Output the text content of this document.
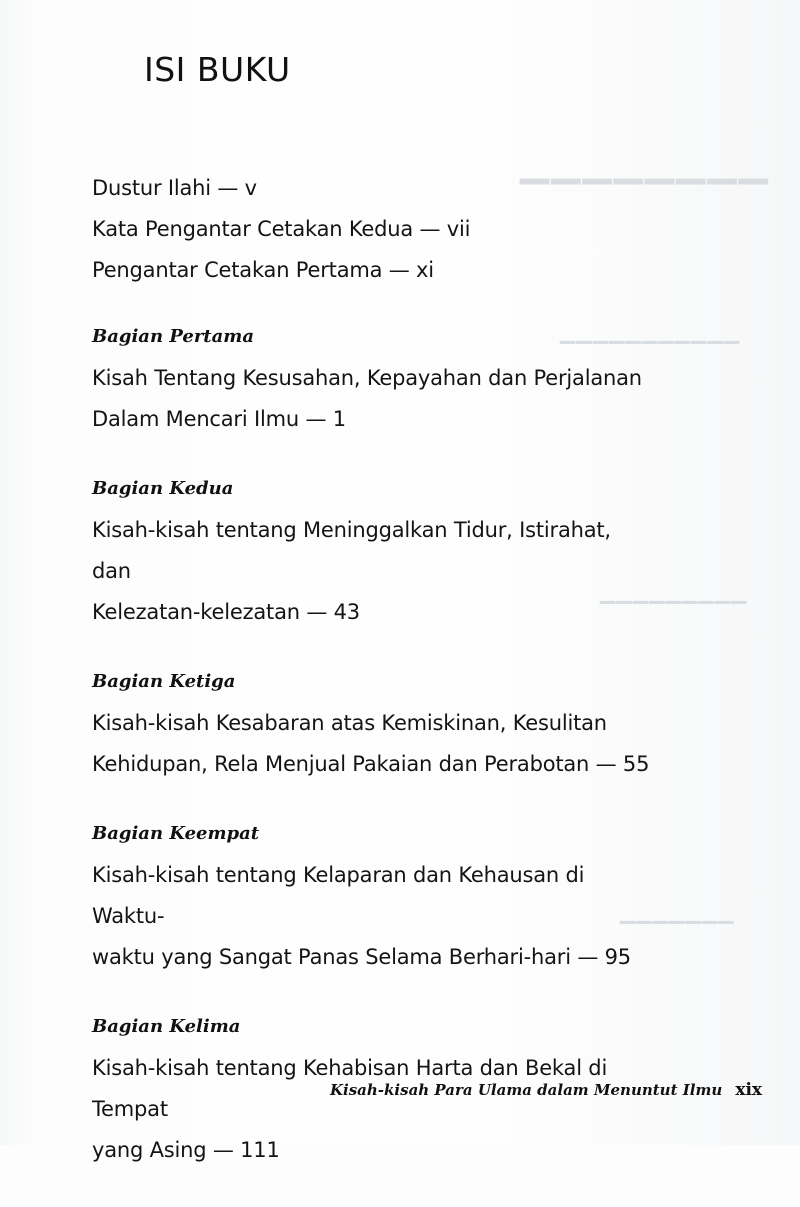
▁▁▁▁▁▁▁▁
▁▁▁▁▁▁▁▁▁▁▁
▁▁▁▁▁▁▁▁▁
▁▁▁▁▁▁▁
ISI BUKU

Dustur Ilahi — v

Kata Pengantar Cetakan Kedua — vii

Pengantar Cetakan Pertama — xi

Bagian Pertama

Kisah Tentang Kesusahan, Kepayahan dan Perjalanan

Dalam Mencari Ilmu — 1

Bagian Kedua

Kisah-kisah tentang Meninggalkan Tidur, Istirahat, dan

Kelezatan-kelezatan — 43

Bagian Ketiga

Kisah-kisah Kesabaran atas Kemiskinan, Kesulitan

Kehidupan, Rela Menjual Pakaian dan Perabotan — 55

Bagian Keempat

Kisah-kisah tentang Kelaparan dan Kehausan di Waktu-

waktu yang Sangat Panas Selama Berhari-hari — 95

Bagian Kelima

Kisah-kisah tentang Kehabisan Harta dan Bekal di Tempat

yang Asing — 111

Kisah-kisah Para Ulama dalam Menuntut Ilmu xix
